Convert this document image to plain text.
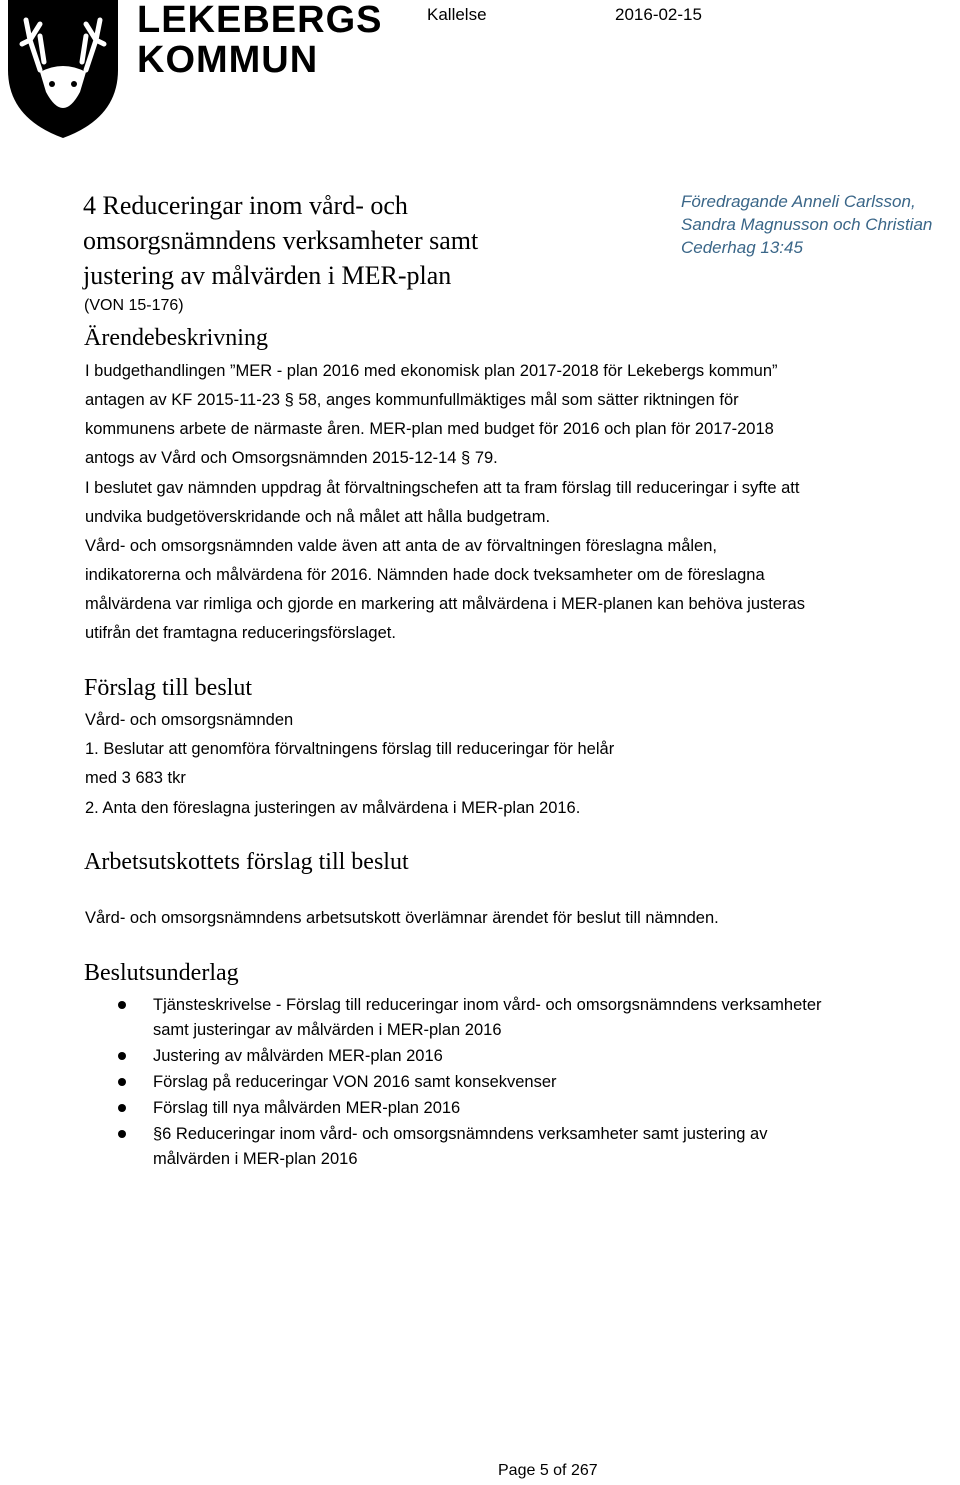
LEKEBERGS
KOMMUN
Kallelse	2016-02-15
4 Reduceringar inom vård- och
omsorgsnämndens verksamheter samt
justering av målvärden i MER-plan
(VON 15-176)
Föredragande Anneli Carlsson,
Sandra Magnusson och Christian
Cederhag 13:45
Ärendebeskrivning
I budgethandlingen ”MER - plan 2016 med ekonomisk plan 2017-2018 för Lekebergs kommun”
antagen av KF 2015-11-23 § 58, anges kommunfullmäktiges mål som sätter riktningen för
kommunens arbete de närmaste åren. MER-plan med budget för 2016 och plan för 2017-2018
antogs av Vård och Omsorgsnämnden 2015-12-14 § 79.
I beslutet gav nämnden uppdrag åt förvaltningschefen att ta fram förslag till reduceringar i syfte att
undvika budgetöverskridande och nå målet att hålla budgetram.
Vård- och omsorgsnämnden valde även att anta de av förvaltningen föreslagna målen,
indikatorerna och målvärdena för 2016. Nämnden hade dock tveksamheter om de föreslagna
målvärdena var rimliga och gjorde en markering att målvärdena i MER-planen kan behöva justeras
utifrån det framtagna reduceringsförslaget.
Förslag till beslut
Vård- och omsorgsnämnden
1. Beslutar att genomföra förvaltningens förslag till reduceringar för helår
med 3 683 tkr
2. Anta den föreslagna justeringen av målvärdena i MER-plan 2016.
Arbetsutskottets förslag till beslut
Vård- och omsorgsnämndens arbetsutskott överlämnar ärendet för beslut till nämnden.
Beslutsunderlag
Tjänsteskrivelse - Förslag till reduceringar inom vård- och omsorgsnämndens verksamheter
samt justeringar av målvärden i MER-plan 2016
Justering av målvärden MER-plan 2016
Förslag på reduceringar VON 2016 samt konsekvenser
Förslag till nya målvärden MER-plan 2016
§6 Reduceringar inom vård- och omsorgsnämndens verksamheter samt justering av
målvärden i MER-plan 2016
Page 5 of 267
